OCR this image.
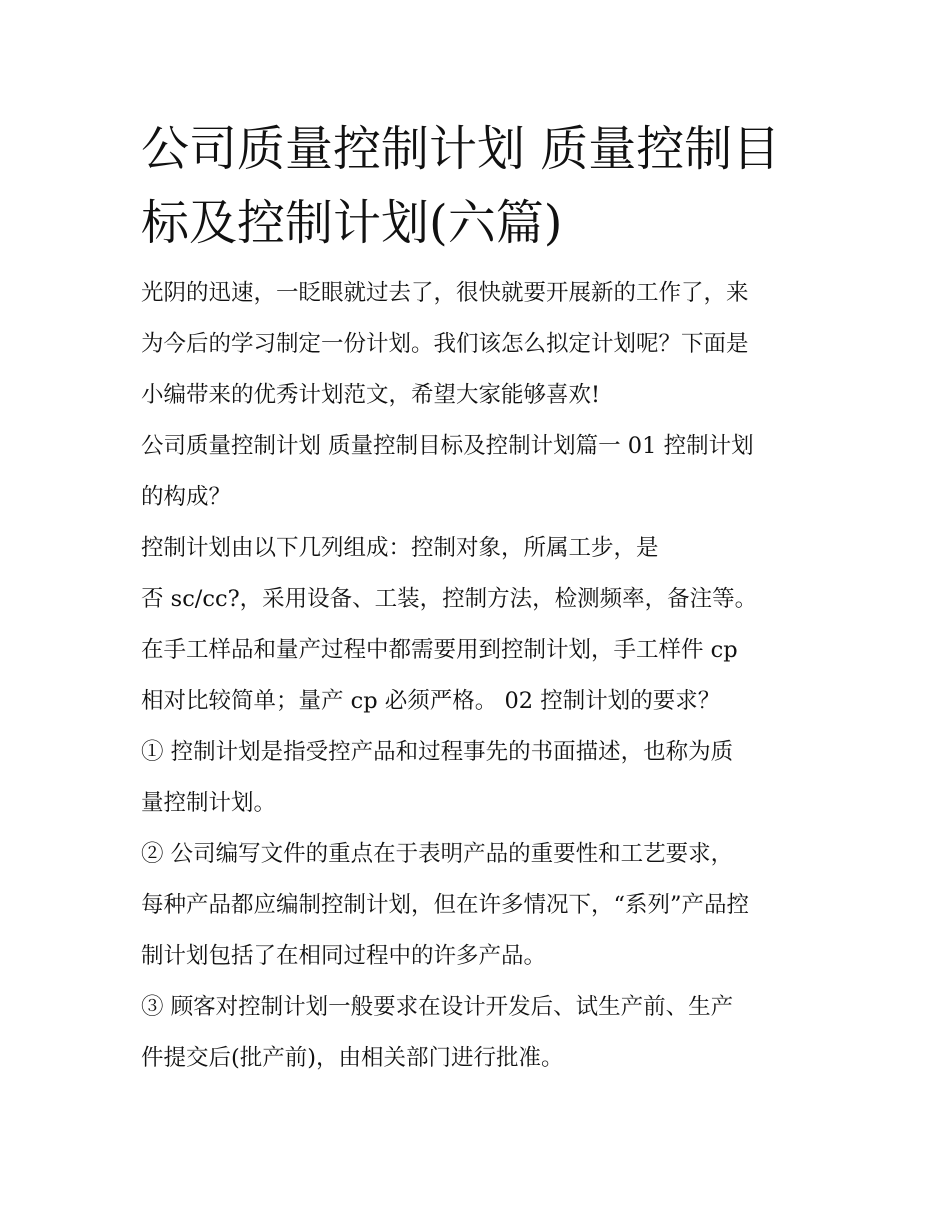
公司质量控制计划 质量控制目
标及控制计划(六篇)

光阴的迅速，一眨眼就过去了，很快就要开展新的工作了，来
为今后的学习制定一份计划。我们该怎么拟定计划呢？下面是
小编带来的优秀计划范文，希望大家能够喜欢!

公司质量控制计划 质量控制目标及控制计划篇一 01 控制计划
的构成？

控制计划由以下几列组成：控制对象，所属工步，是
否 sc/cc?，采用设备、工装，控制方法，检测频率，备注等。
在手工样品和量产过程中都需要用到控制计划，手工样件 cp
相对比较简单；量产 cp 必须严格。 02 控制计划的要求？

① 控制计划是指受控产品和过程事先的书面描述，也称为质
量控制计划。

② 公司编写文件的重点在于表明产品的重要性和工艺要求，
每种产品都应编制控制计划，但在许多情况下，“系列”产品控
制计划包括了在相同过程中的许多产品。

③ 顾客对控制计划一般要求在设计开发后、试生产前、生产
件提交后(批产前)，由相关部门进行批准。
